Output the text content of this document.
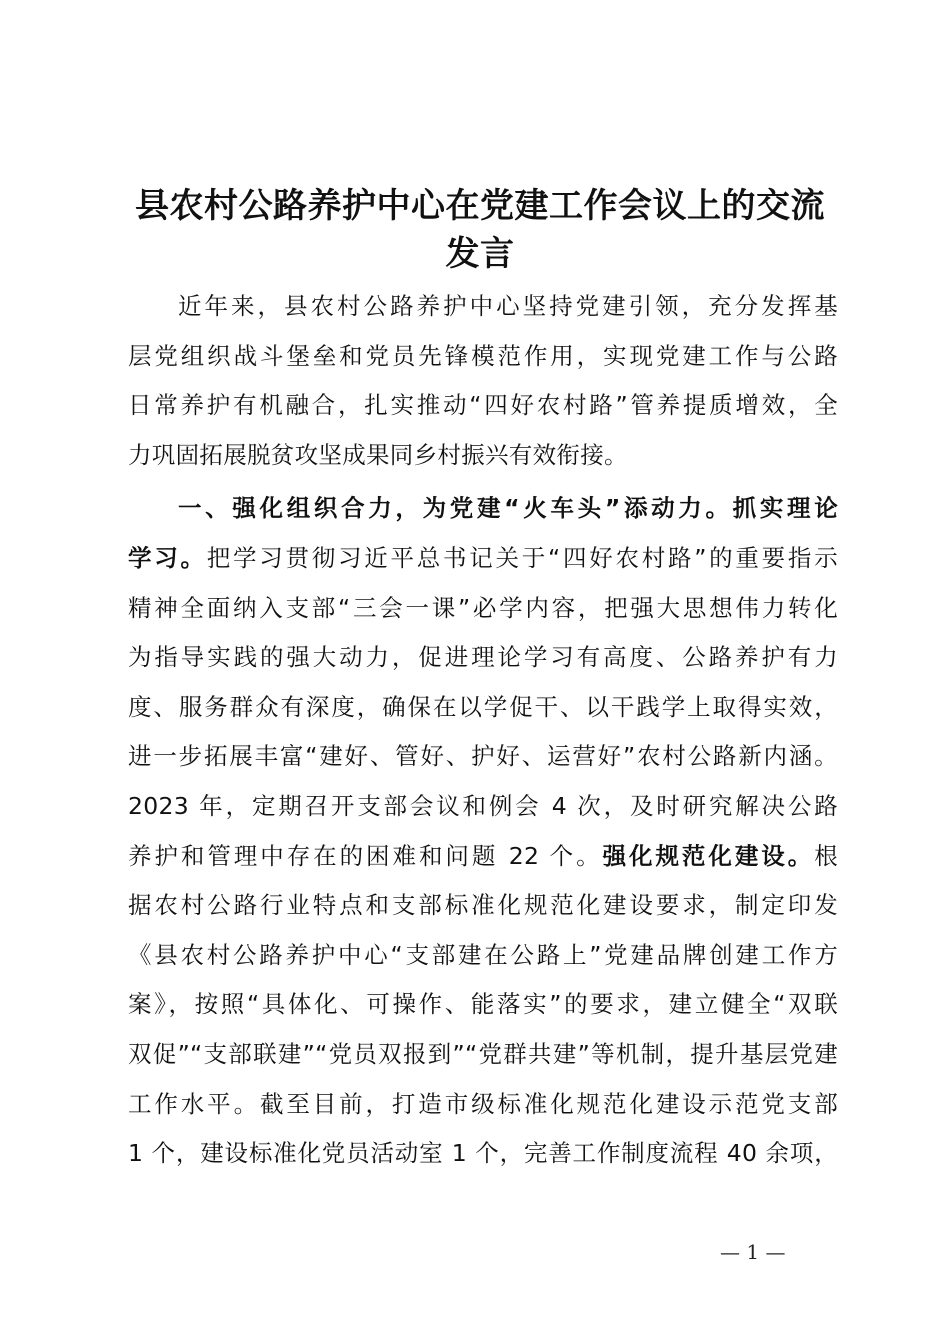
县农村公路养护中心在党建工作会议上的交流
发言
近年来，县农村公路养护中心坚持党建引领，充分发挥基
层党组织战斗堡垒和党员先锋模范作用，实现党建工作与公路
日常养护有机融合，扎实推动“四好农村路”管养提质增效，全
力巩固拓展脱贫攻坚成果同乡村振兴有效衔接。
一、强化组织合力，为党建“火车头”添动力。抓实理论
学习。把学习贯彻习近平总书记关于“四好农村路”的重要指示
精神全面纳入支部“三会一课”必学内容，把强大思想伟力转化
为指导实践的强大动力，促进理论学习有高度、公路养护有力
度、服务群众有深度，确保在以学促干、以干践学上取得实效，
进一步拓展丰富“建好、管好、护好、运营好”农村公路新内涵。
2023 年，定期召开支部会议和例会 4 次，及时研究解决公路
养护和管理中存在的困难和问题 22 个。强化规范化建设。根
据农村公路行业特点和支部标准化规范化建设要求，制定印发
《县农村公路养护中心“支部建在公路上”党建品牌创建工作方
案》，按照“具体化、可操作、能落实”的要求，建立健全“双联
双促”“支部联建”“党员双报到”“党群共建”等机制，提升基层党建
工作水平。截至目前，打造市级标准化规范化建设示范党支部
1 个，建设标准化党员活动室 1 个，完善工作制度流程 40 余项，
— 1 —
